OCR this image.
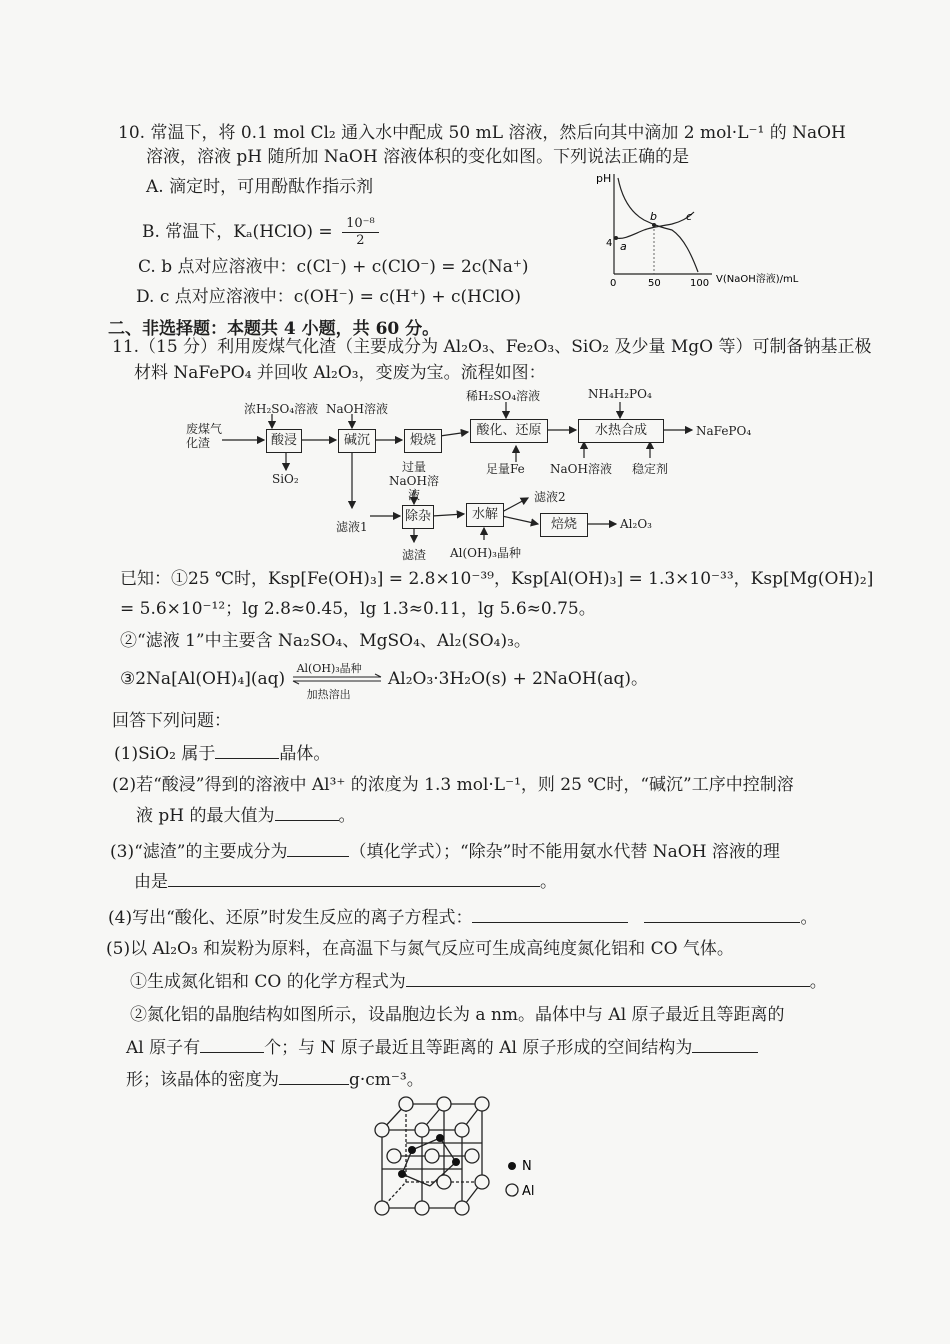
10. 常温下，将 0.1 mol Cl₂ 通入水中配成 50 mL 溶液，然后向其中滴加 2 mol·L⁻¹ 的 NaOH
溶液，溶液 pH 随所加 NaOH 溶液体积的变化如图。下列说法正确的是
A. 滴定时，可用酚酞作指示剂
B. 常温下，Kₐ(HClO) = $\frac{\text{10⁻⁸}}{2}$
C. b 点对应溶液中：c(Cl⁻) + c(ClO⁻) = 2c(Na⁺)
D. c 点对应溶液中：c(OH⁻) = c(H⁺) + c(HClO)
pH
V(NaOH溶液)/mL
4
0	50	100
a
b	c
二、非选择题：本题共 4 小题，共 60 分。
11.（15 分）利用废煤气化渣（主要成分为 Al₂O₃、Fe₂O₃、SiO₂ 及少量 MgO 等）可制备钠基正极
材料 NaFePO₄ 并回收 Al₂O₃，变废为宝。流程如图：
废煤气化渣
浓H₂SO₄溶液 NaOH溶液
酸浸
SiO₂
碱沉	煅烧
稀H₂SO₄溶液
酸化、还原
足量Fe
NH₄H₂PO₄
水热合成
NaOH溶液 稳定剂
NaFePO₄
滤液1
过量NaOH溶液
除杂
滤渣
水解
Al(OH)₃晶种
滤液2
焙烧	Al₂O₃
已知：①25 ℃时，Ksp[Fe(OH)₃] = 2.8×10⁻³⁹，Ksp[Al(OH)₃] = 1.3×10⁻³³，Ksp[Mg(OH)₂]
= 5.6×10⁻¹²；lg 2.8≈0.45，lg 1.3≈0.11，lg 5.6≈0.75。
②“滤液 1”中主要含 Na₂SO₄、MgSO₄、Al₂(SO₄)₃。
③2Na[Al(OH)₄](aq)
Al(OH)₃晶种
加热溶出
Al₂O₃·3H₂O(s) + 2NaOH(aq)。
回答下列问题：
(1)SiO₂ 属于	晶体。
(2)若“酸浸”得到的溶液中 Al³⁺ 的浓度为 1.3 mol·L⁻¹，则 25 ℃时，“碱沉”工序中控制溶
液 pH 的最大值为	。
(3)“滤渣”的主要成分为	（填化学式）；“除杂”时不能用氨水代替 NaOH 溶液的理
由是	。
(4)写出“酸化、还原”时发生反应的离子方程式：	。
(5)以 Al₂O₃ 和炭粉为原料，在高温下与氮气反应可生成高纯度氮化铝和 CO 气体。
①生成氮化铝和 CO 的化学方程式为	。
②氮化铝的晶胞结构如图所示，设晶胞边长为 a nm。晶体中与 Al 原子最近且等距离的
Al 原子有	个；与 N 原子最近且等距离的 Al 原子形成的空间结构为
形；该晶体的密度为	g·cm⁻³。
N
Al
